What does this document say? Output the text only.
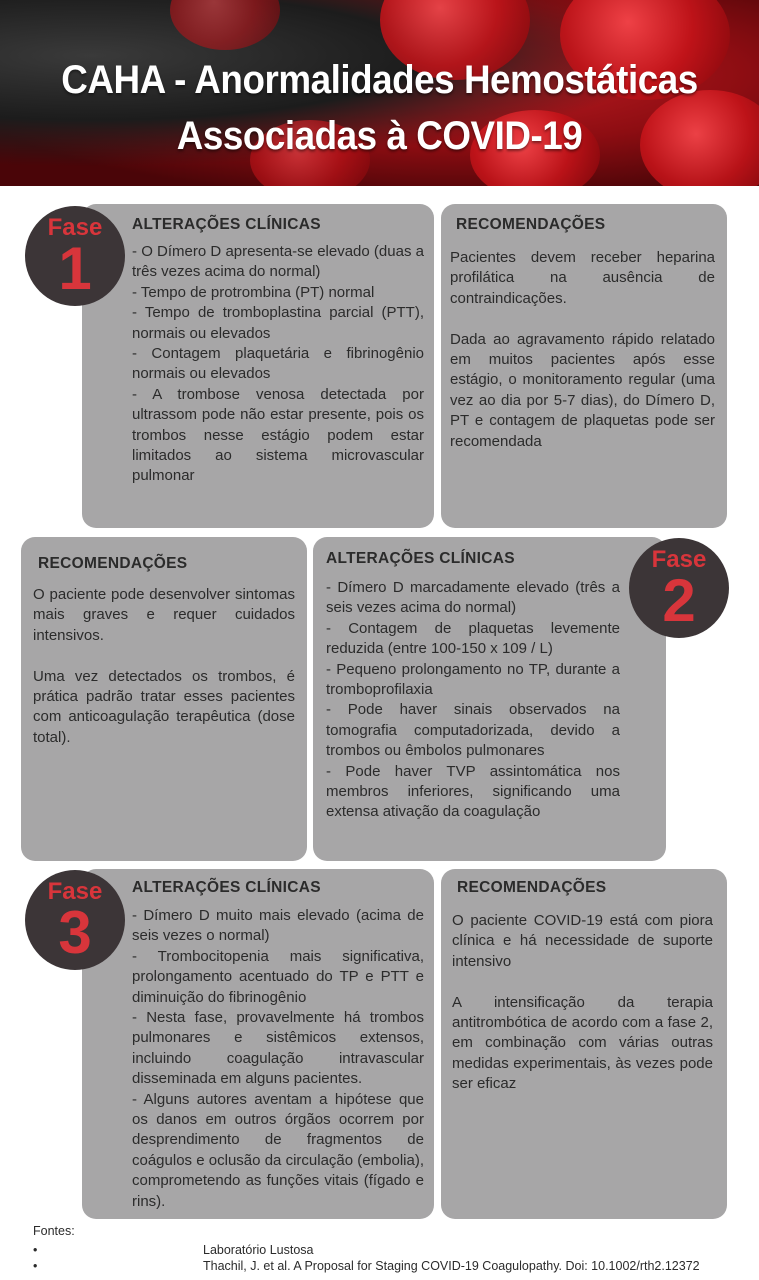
CAHA - Anormalidades Hemostáticas
Associadas à COVID-19
ALTERAÇÕES CLÍNICAS
- O Dímero D apresenta-se elevado (duas a três vezes acima do normal)
- Tempo de protrombina (PT) normal
- Tempo de tromboplastina parcial (PTT), normais ou elevados
- Contagem plaquetária e fibrinogênio normais ou elevados
- A trombose venosa detectada por ultrassom pode não estar presente, pois os trombos nesse estágio podem estar limitados ao sistema microvascular pulmonar
RECOMENDAÇÕES
Pacientes devem receber heparina profilática na ausência de contraindicações.

Dada ao agravamento rápido relatado em muitos pacientes após esse estágio, o monitoramento regular (uma vez ao dia por 5-7 dias), do Dímero D, PT e contagem de plaquetas pode ser recomendada
Fase
1
RECOMENDAÇÕES
O paciente pode desenvolver sintomas mais graves e requer cuidados intensivos.

Uma vez detectados os trombos, é prática padrão tratar esses pacientes com anticoagulação terapêutica (dose total).
ALTERAÇÕES CLÍNICAS
- Dímero D marcadamente elevado (três a seis vezes acima do normal)
- Contagem de plaquetas levemente reduzida (entre 100-150 x 109 / L)
- Pequeno prolongamento no TP, durante a tromboprofilaxia
- Pode haver sinais observados na tomografia computadorizada, devido a trombos ou êmbolos pulmonares
- Pode haver TVP assintomática nos membros inferiores, significando uma extensa ativação da coagulação
Fase
2
ALTERAÇÕES CLÍNICAS
- Dímero D muito mais elevado (acima de seis vezes o normal)
- Trombocitopenia mais significativa, prolongamento acentuado do TP e PTT e diminuição do fibrinogênio
- Nesta fase, provavelmente há trombos pulmonares e sistêmicos extensos, incluindo coagulação intravascular disseminada em alguns pacientes.
- Alguns autores aventam a hipótese que os danos em outros órgãos ocorrem por desprendimento de fragmentos de coágulos e oclusão da circulação (embolia), comprometendo as funções vitais (fígado e rins).
RECOMENDAÇÕES
O paciente COVID-19 está com piora clínica e há necessidade de suporte intensivo

A intensificação da terapia antitrombótica de acordo com a fase 2, em combinação com várias outras medidas experimentais, às vezes pode ser eficaz
Fase
3
Fontes:
•	Laboratório Lustosa
•	Thachil, J. et al. A Proposal for Staging COVID-19 Coagulopathy. Doi: 10.1002/rth2.12372
